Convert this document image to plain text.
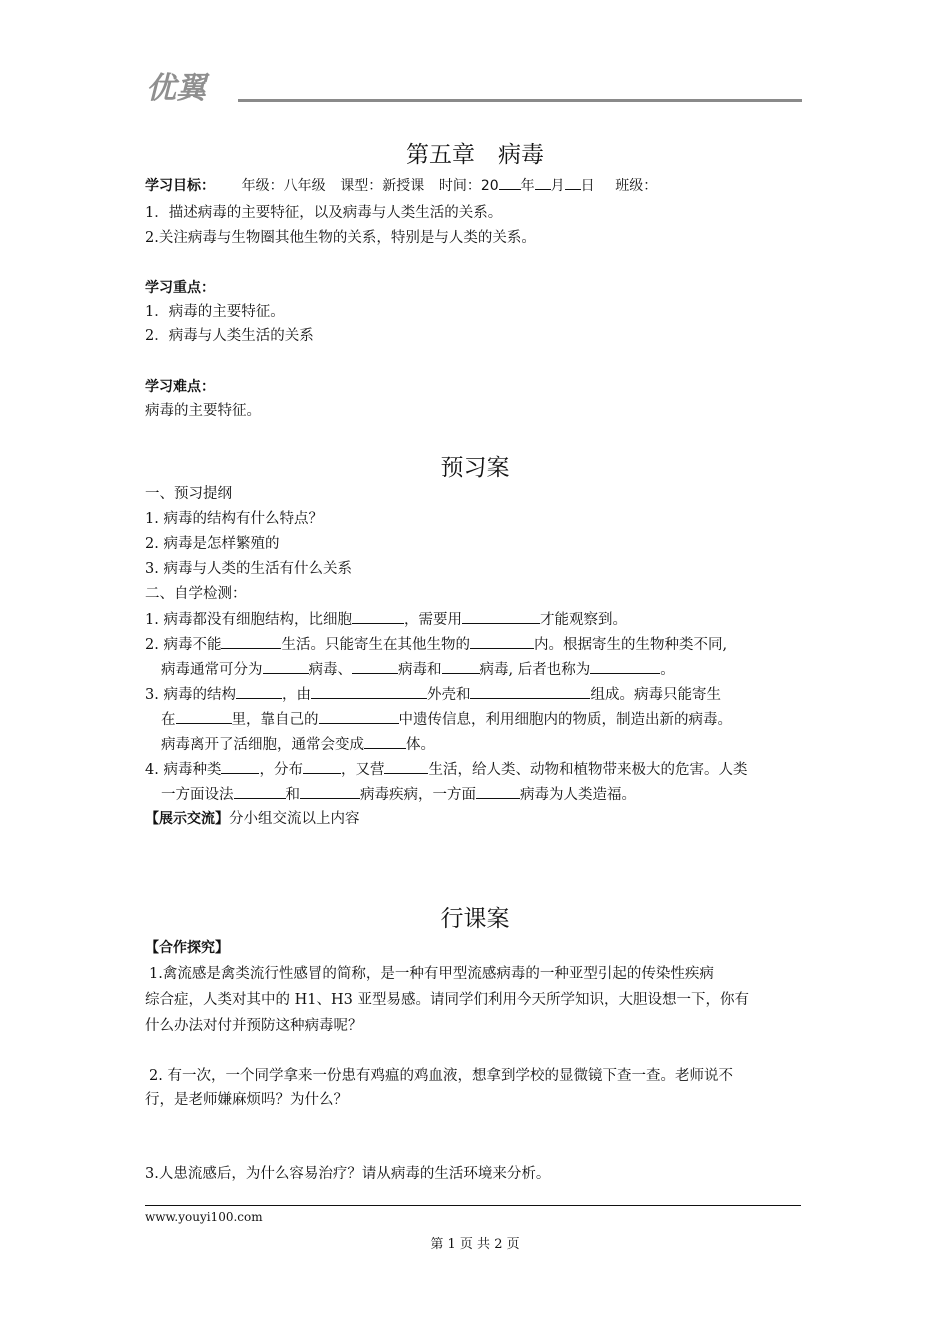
优翼
第五章　病毒
学习目标： 年级：八年级 课型：新授课 时间：20 年 月 日 班级：
1．描述病毒的主要特征，以及病毒与人类生活的关系。
2.关注病毒与生物圈其他生物的关系，特别是与人类的关系。
学习重点：
1．病毒的主要特征。
2．病毒与人类生活的关系
学习难点：
病毒的主要特征。
预习案
一、预习提纲
1. 病毒的结构有什么特点？
2. 病毒是怎样繁殖的
3. 病毒与人类的生活有什么关系
二、自学检测：
1. 病毒都没有细胞结构，比细胞	，需要用	才能观察到。
2. 病毒不能	生活。只能寄生在其他生物的	内。根据寄生的生物种类不同,
病毒通常可分为	病毒、	病毒和	病毒, 后者也称为	。
3. 病毒的结构	，由	外壳和	组成。病毒只能寄生
在	里，靠自己的	中遗传信息，利用细胞内的物质，制造出新的病毒。
病毒离开了活细胞，通常会变成	体。
4. 病毒种类	，分布	，又营	生活，给人类、动物和植物带来极大的危害。人类
一方面设法	和	病毒疾病，一方面	病毒为人类造福。
【展示交流】分小组交流以上内容
行课案
【合作探究】
1.禽流感是禽类流行性感冒的简称，是一种有甲型流感病毒的一种亚型引起的传染性疾病
综合症，人类对其中的 H1、H3 亚型易感。请同学们利用今天所学知识，大胆设想一下，你有
什么办法对付并预防这种病毒呢？
2. 有一次，一个同学拿来一份患有鸡瘟的鸡血液，想拿到学校的显微镜下查一查。老师说不
行，是老师嫌麻烦吗？为什么？
3.人患流感后，为什么容易治疗？请从病毒的生活环境来分析。
www.youyi100.com
第 1 页 共 2 页
